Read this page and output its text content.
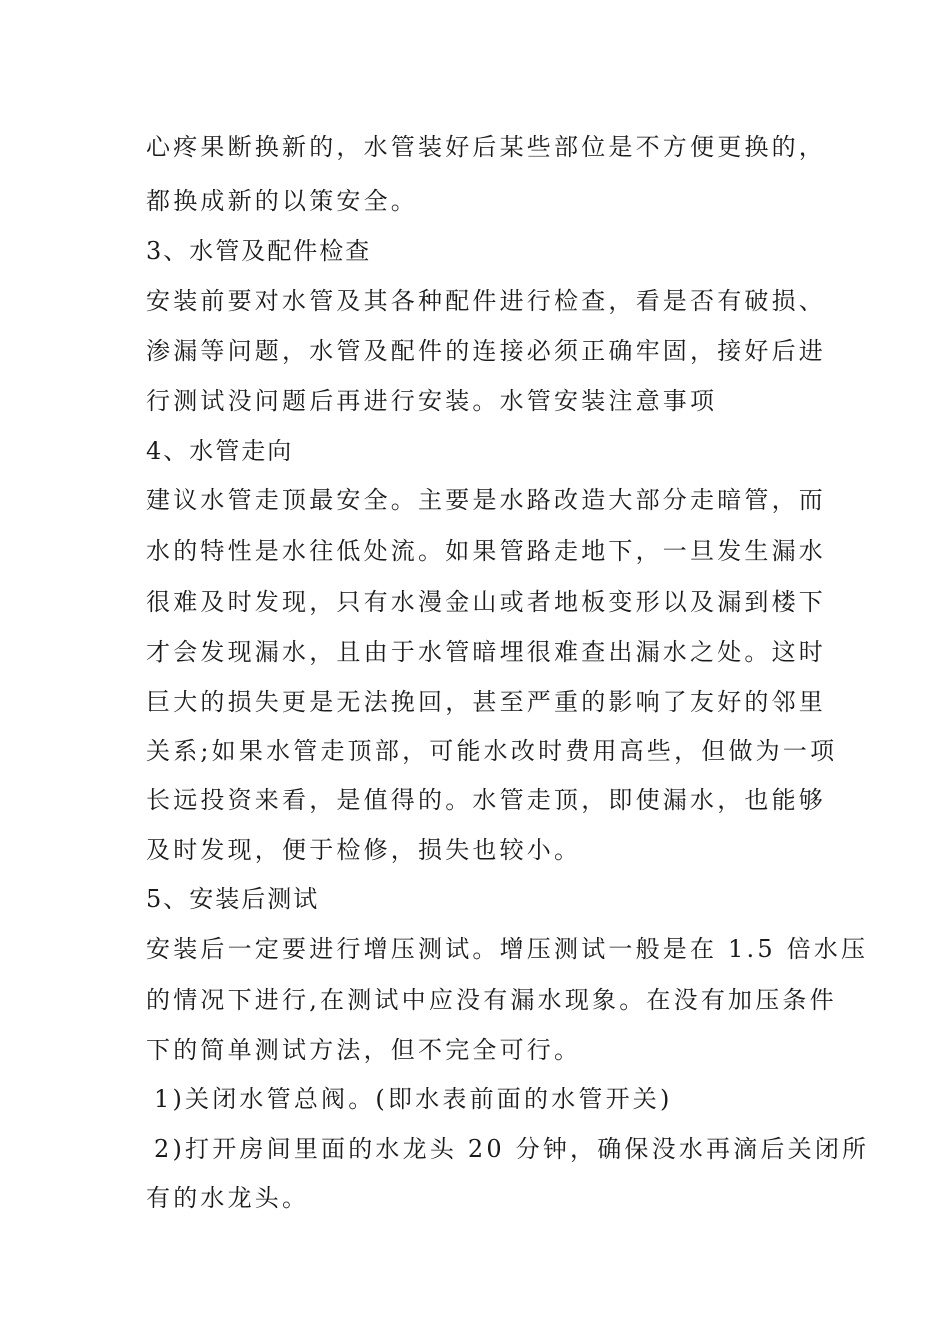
心疼果断换新的，水管装好后某些部位是不方便更换的，
都换成新的以策安全。
3、水管及配件检查
安装前要对水管及其各种配件进行检查，看是否有破损、
渗漏等问题，水管及配件的连接必须正确牢固，接好后进
行测试没问题后再进行安装。水管安装注意事项
4、水管走向
建议水管走顶最安全。主要是水路改造大部分走暗管，而
水的特性是水往低处流。如果管路走地下，一旦发生漏水
很难及时发现，只有水漫金山或者地板变形以及漏到楼下
才会发现漏水，且由于水管暗埋很难查出漏水之处。这时
巨大的损失更是无法挽回，甚至严重的影响了友好的邻里
关系;如果水管走顶部，可能水改时费用高些，但做为一项
长远投资来看，是值得的。水管走顶，即使漏水，也能够
及时发现，便于检修，损失也较小。
5、安装后测试
安装后一定要进行增压测试。增压测试一般是在 1.5 倍水压
的情况下进行,在测试中应没有漏水现象。在没有加压条件
下的简单测试方法，但不完全可行。
1)关闭水管总阀。(即水表前面的水管开关)
2)打开房间里面的水龙头 20 分钟，确保没水再滴后关闭所
有的水龙头。
